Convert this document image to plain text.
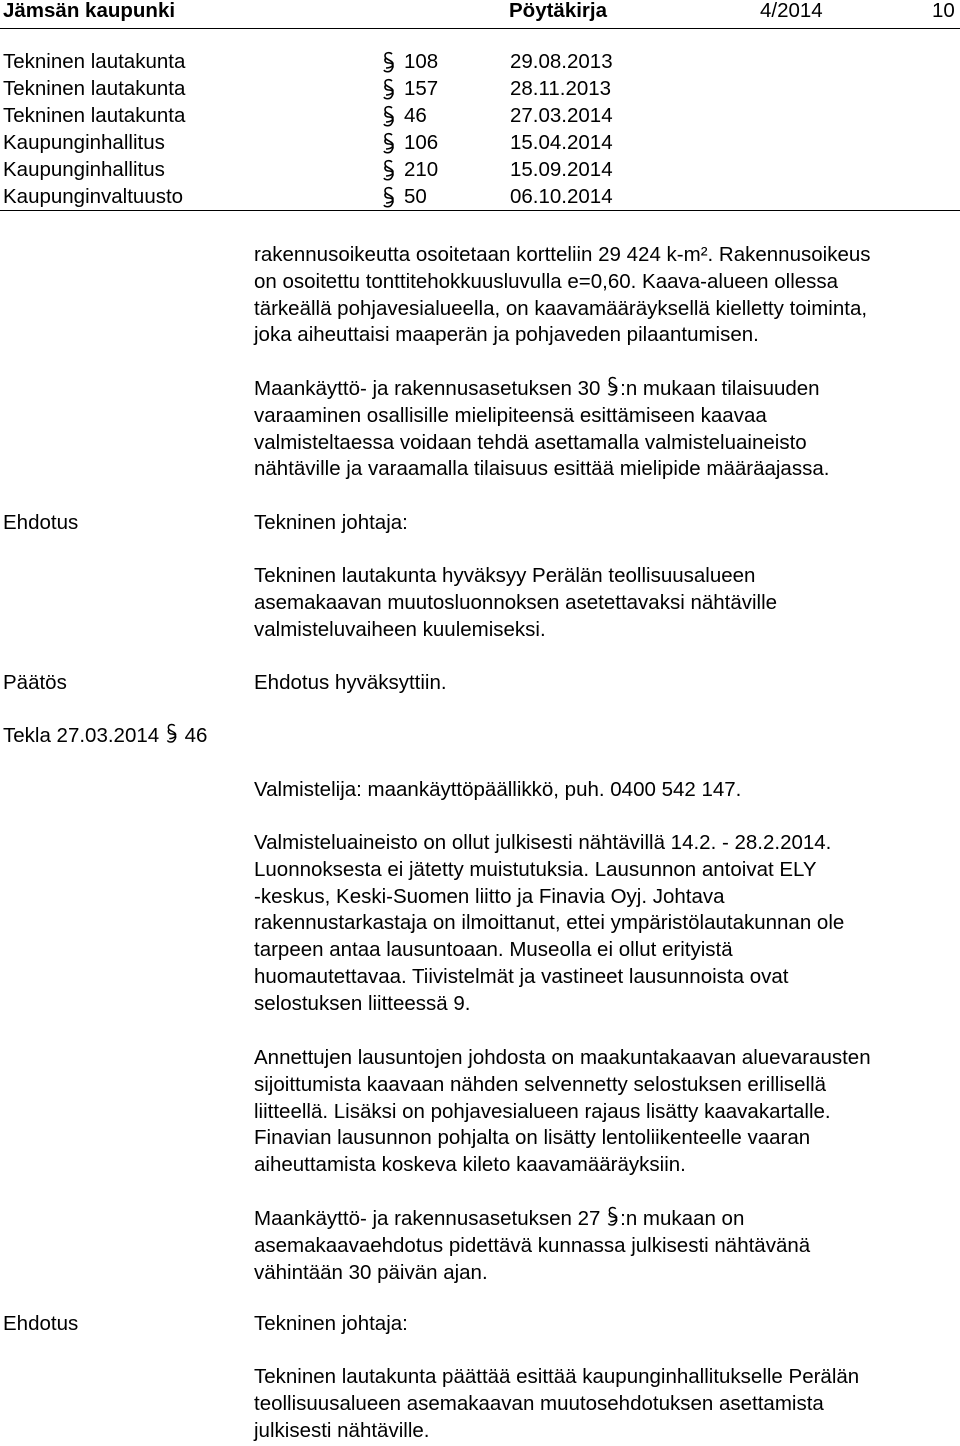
Jämsän kaupunki	Pöytäkirja	4/2014	10
Tekninen lautakunta	108	29.08.2013
Tekninen lautakunta	157	28.11.2013
Tekninen lautakunta	46	27.03.2014
Kaupunginhallitus	106	15.04.2014
Kaupunginhallitus	210	15.09.2014
Kaupunginvaltuusto	50	06.10.2014
rakennusoikeutta osoitetaan kortteliin 29 424 k-m². Rakennusoikeus
on osoitettu tonttitehokkuusluvulla e=0,60. Kaava-alueen ollessa
tärkeällä pohjavesialueella, on kaavamääräyksellä kielletty toiminta,
joka aiheuttaisi maaperän ja pohjaveden pilaantumisen.
Maankäyttö- ja rakennusasetuksen 30 :n mukaan tilaisuuden
varaaminen osallisille mielipiteensä esittämiseen kaavaa
valmisteltaessa voidaan tehdä asettamalla valmisteluaineisto
nähtäville ja varaamalla tilaisuus esittää mielipide määräajassa.
Ehdotus	Tekninen johtaja:
Tekninen lautakunta hyväksyy Perälän teollisuusalueen
asemakaavan muutosluonnoksen asetettavaksi nähtäville
valmisteluvaiheen kuulemiseksi.
Päätös	Ehdotus hyväksyttiin.
Tekla 27.03.2014 46
Valmistelija: maankäyttöpäällikkö, puh. 0400 542 147.
Valmisteluaineisto on ollut julkisesti nähtävillä 14.2. - 28.2.2014.
Luonnoksesta ei jätetty muistutuksia. Lausunnon antoivat ELY
-keskus, Keski-Suomen liitto ja Finavia Oyj. Johtava
rakennustarkastaja on ilmoittanut, ettei ympäristölautakunnan ole
tarpeen antaa lausuntoaan. Museolla ei ollut erityistä
huomautettavaa. Tiivistelmät ja vastineet lausunnoista ovat
selostuksen liitteessä 9.
Annettujen lausuntojen johdosta on maakuntakaavan aluevarausten
sijoittumista kaavaan nähden selvennetty selostuksen erillisellä
liitteellä. Lisäksi on pohjavesialueen rajaus lisätty kaavakartalle.
Finavian lausunnon pohjalta on lisätty lentoliikenteelle vaaran
aiheuttamista koskeva kileto kaavamääräyksiin.
Maankäyttö- ja rakennusasetuksen 27 :n mukaan on
asemakaavaehdotus pidettävä kunnassa julkisesti nähtävänä
vähintään 30 päivän ajan.
Ehdotus	Tekninen johtaja:
Tekninen lautakunta päättää esittää kaupunginhallitukselle Perälän
teollisuusalueen asemakaavan muutosehdotuksen asettamista
julkisesti nähtäville.
